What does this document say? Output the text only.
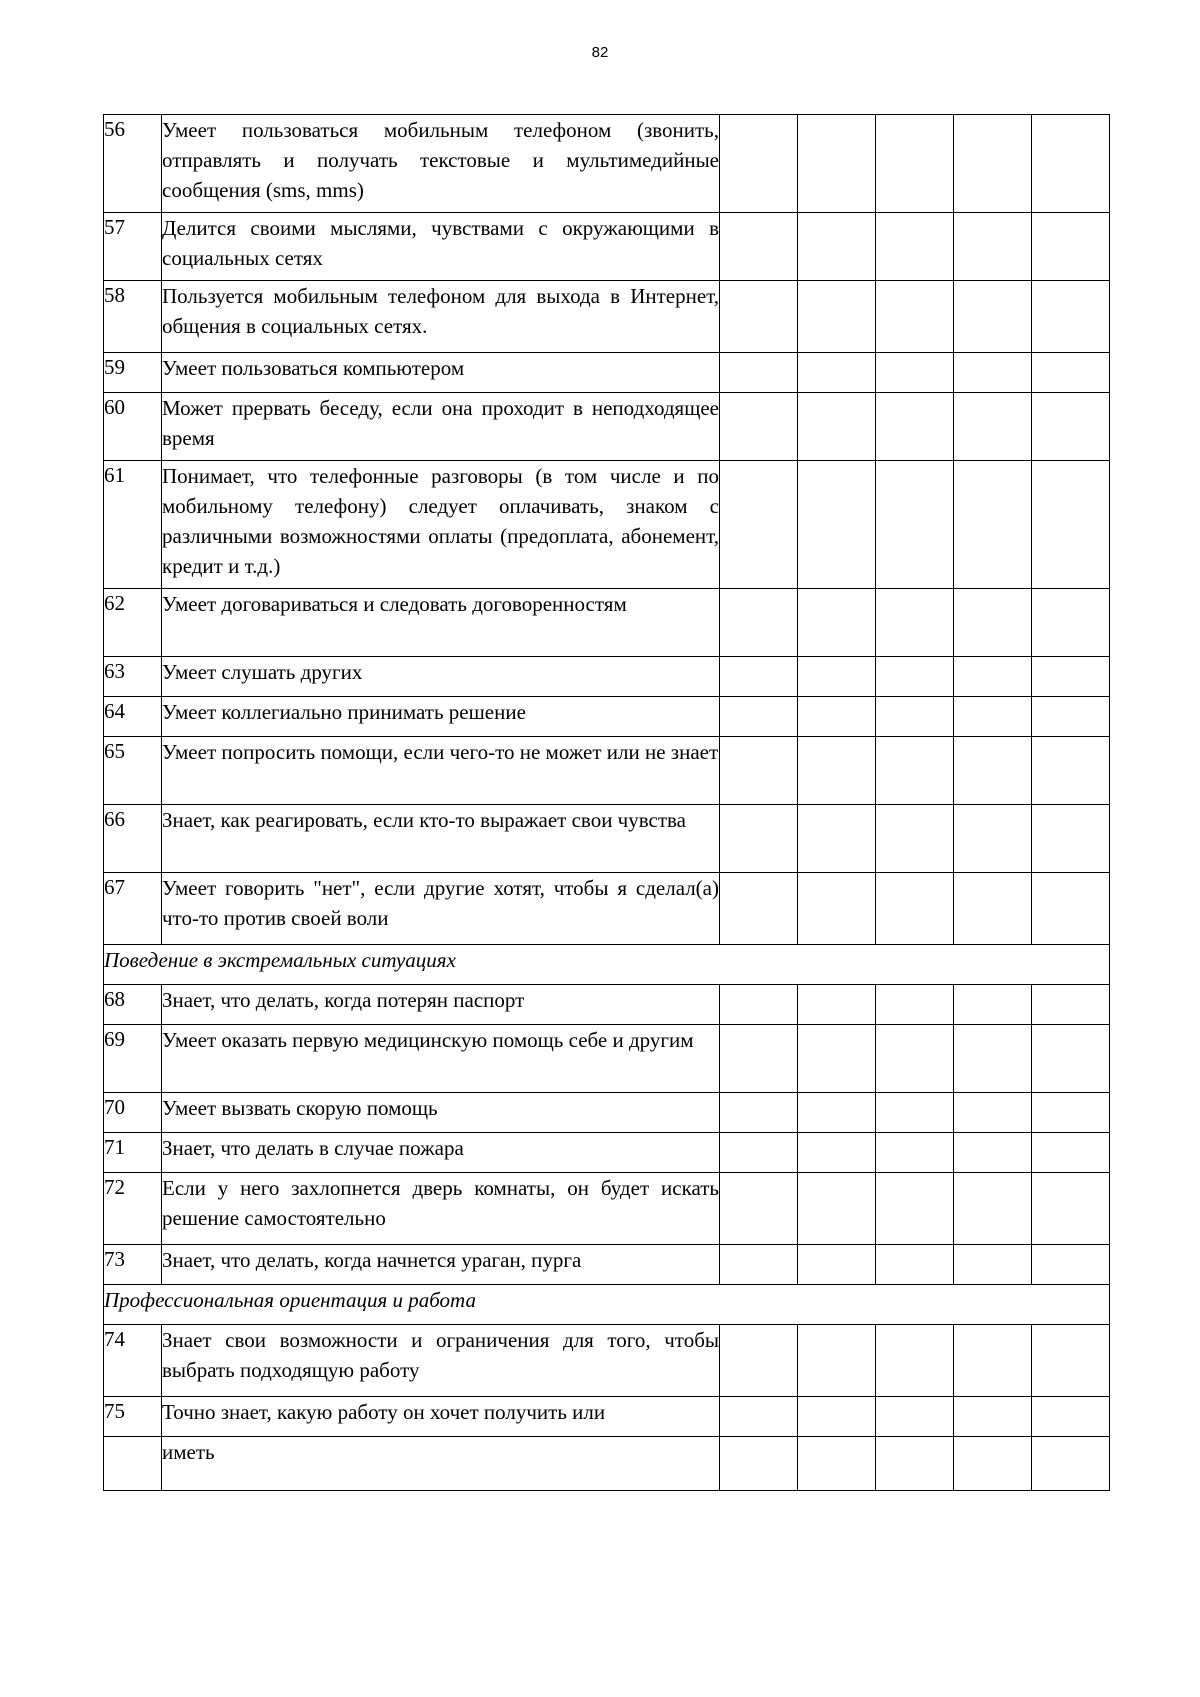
82
56	Умеет пользоваться мобильным телефоном (звонить, отправлять и получать текстовые и мультимедийные сообщения (sms, mms)					
57	Делится своими мыслями, чувствами с окружающими в социальных сетях					
58	Пользуется мобильным телефоном для выхода в Интернет, общения в социальных сетях.					
59	Умеет пользоваться компьютером					
60	Может прервать беседу, если она проходит в неподходящее время					
61	Понимает, что телефонные разговоры (в том числе и по мобильному телефону) следует оплачивать, знаком с различными возможностями оплаты (предоплата, абонемент, кредит и т.д.)					
62	Умеет договариваться и следовать договоренностям					
63	Умеет слушать других					
64	Умеет коллегиально принимать решение					
65	Умеет попросить помощи, если чего-то не может или не знает					
66	Знает, как реагировать, если кто-то выражает свои чувства					
67	Умеет говорить "нет", если другие хотят, чтобы я сделал(а) что-то против своей воли					
Поведение в экстремальных ситуациях						
68	Знает, что делать, когда потерян паспорт					
69	Умеет оказать первую медицинскую помощь себе и другим					
70	Умеет вызвать скорую помощь					
71	Знает, что делать в случае пожара					
72	Если у него захлопнется дверь комнаты, он будет искать решение самостоятельно					
73	Знает, что делать, когда начнется ураган, пурга					
Профессиональная ориентация и работа						
74	Знает свои возможности и ограничения для того, чтобы выбрать подходящую работу					
75	Точно знает, какую работу он хочет получить или					
	иметь					
